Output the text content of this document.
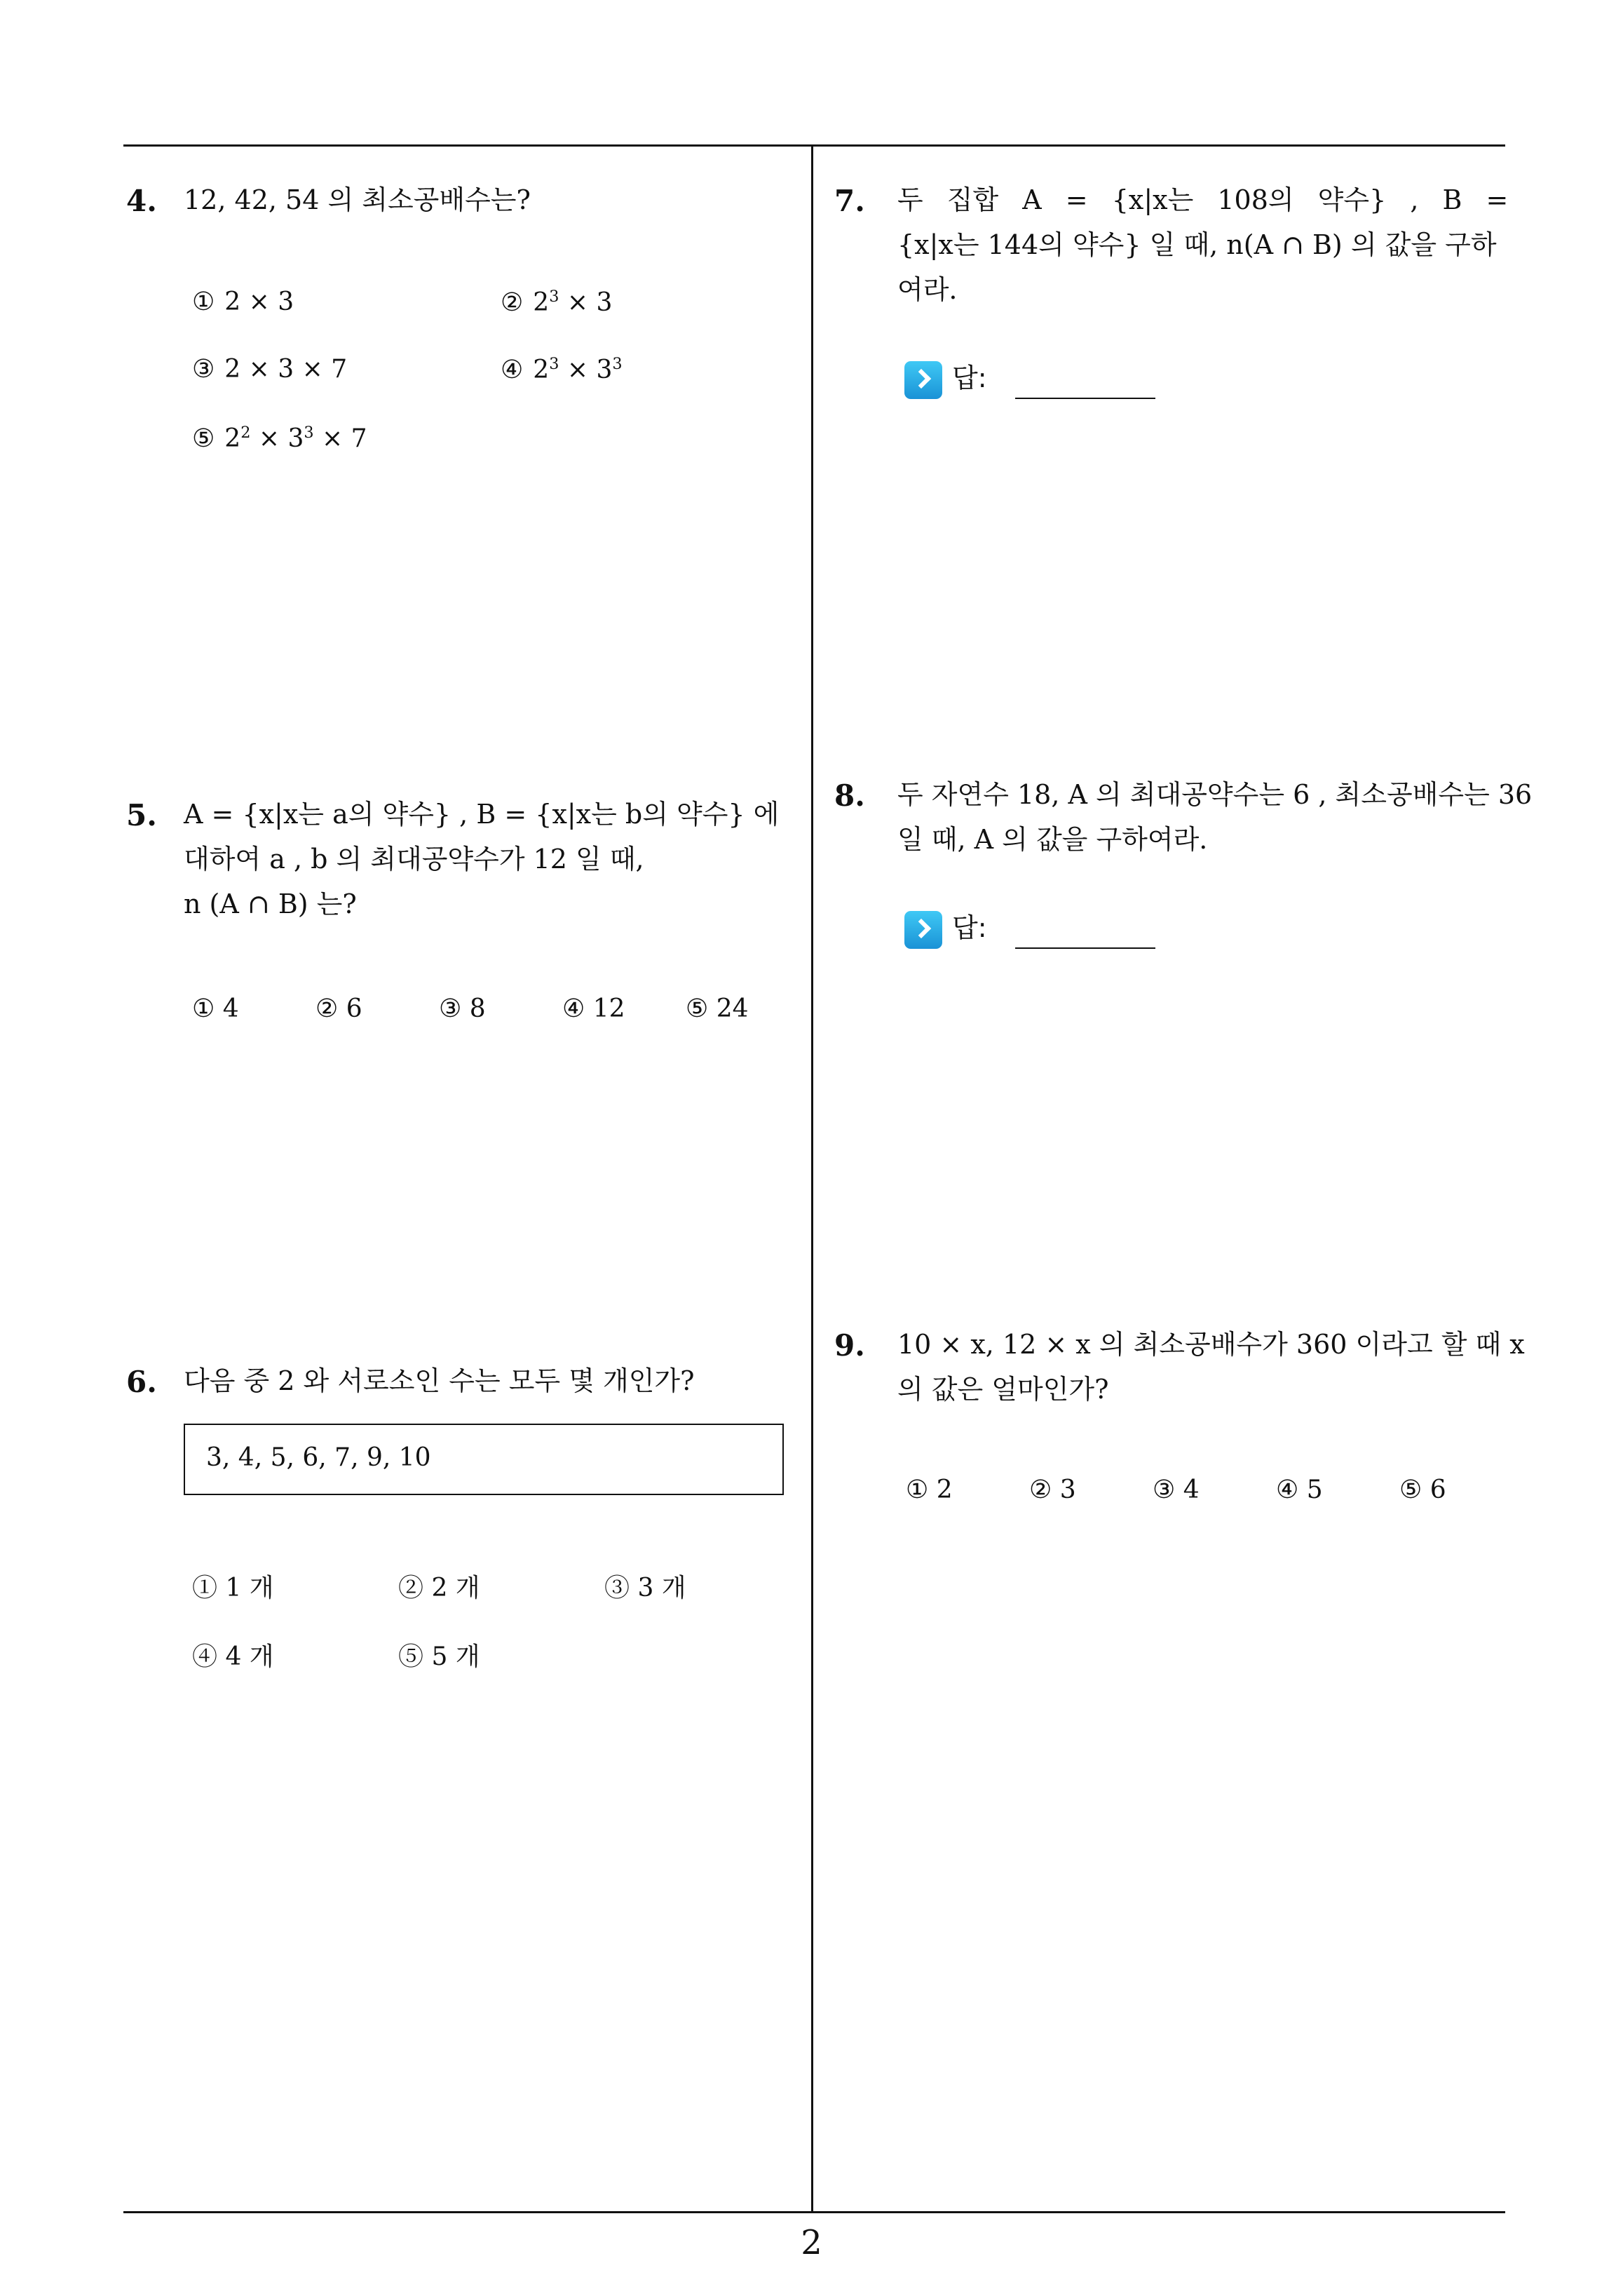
4. 12, 42, 54 의 최소공배수는?
① 2 × 3	② $2^3 \times 3$
③ 2 × 3 × 7	④ $2^3 \times 3^3$
⑤ $2^2 \times 3^3 \times 7$
5. A = {x|x는 a의 약수} , B = {x|x는 b의 약수} 에
대하여 a , b 의 최대공약수가 12 일 때,
n (A ∩ B) 는?
① 4	② 6	③ 8	④ 12 ⑤ 24
6. 다음 중 2 와 서로소인 수는 모두 몇 개인가?
3, 4, 5, 6, 7, 9, 10
① 1 개	② 2 개	③ 3 개
④ 4 개	⑤ 5 개
7. 두 집합 A = {x|x는 108의 약수} , B =
{x|x는 144의 약수} 일 때, n(A ∩ B) 의 값을 구하
여라.
답:
8. 두 자연수 18, A 의 최대공약수는 6 , 최소공배수는 36
일 때, A 의 값을 구하여라.
답:
9. 10 × x, 12 × x 의 최소공배수가 360 이라고 할 때 x
의 값은 얼마인가?
① 2	② 3	③ 4	④ 5	⑤ 6
2
